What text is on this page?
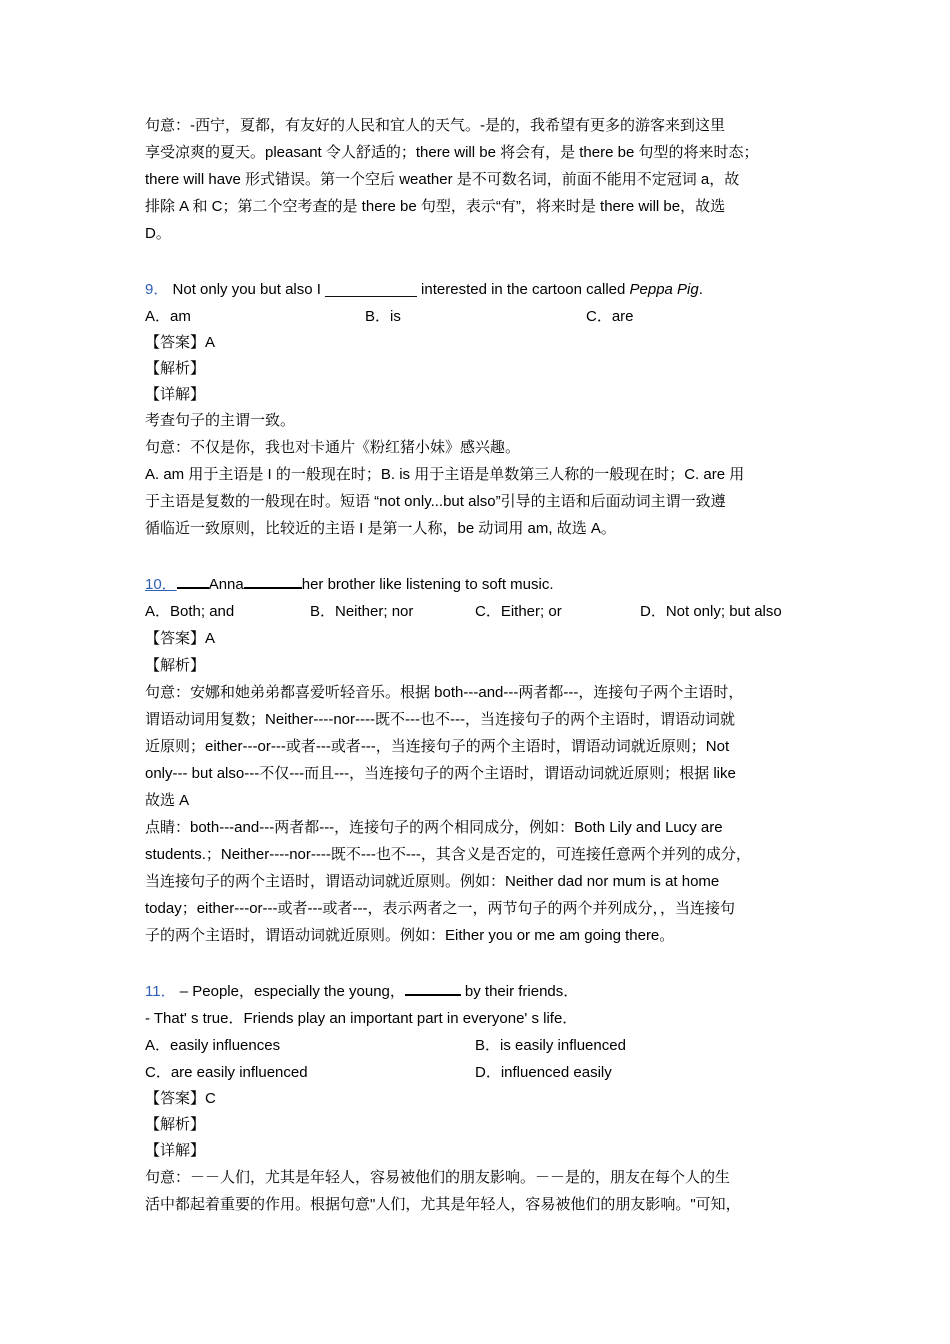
句意：-西宁，夏都，有友好的人民和宜人的天气。-是的，我希望有更多的游客来到这里
享受凉爽的夏天。pleasant 令人舒适的；there will be 将会有，是 there be 句型的将来时态；
there will have 形式错误。第一个空后 weather 是不可数名词，前面不能用不定冠词 a，故
排除 A 和 C；第二个空考查的是 there be 句型，表示“有”，将来时是 there will be，故选
D。
9． Not only you but also I ___________ interested in the cartoon called Peppa Pig.
A．am	B．is	C．are
【答案】A
【解析】
【详解】
考查句子的主谓一致。
句意：不仅是你，我也对卡通片《粉红猪小妹》感兴趣。
A. am 用于主语是 I 的一般现在时；B. is 用于主语是单数第三人称的一般现在时；C. are 用
于主语是复数的一般现在时。短语 “not only...but also”引导的主语和后面动词主谓一致遵
循临近一致原则，比较近的主语 I 是第一人称，be 动词用 am, 故选 A。
10． Anna	her brother like listening to soft music.
A．Both; and	B．Neither; nor	C．Either; or	D．Not only; but also
【答案】A
【解析】
句意：安娜和她弟弟都喜爱听轻音乐。根据 both---and---两者都---，连接句子两个主语时，
谓语动词用复数；Neither----nor----既不---也不---，当连接句子的两个主语时，谓语动词就
近原则；either---or---或者---或者---，当连接句子的两个主语时，谓语动词就近原则；Not
only--- but also---不仅---而且---，当连接句子的两个主语时，谓语动词就近原则；根据 like
故选 A
点睛：both---and---两者都---，连接句子的两个相同成分，例如：Both Lily and Lucy are
students.；Neither----nor----既不---也不---，其含义是否定的，可连接任意两个并列的成分，
当连接句子的两个主语时，谓语动词就近原则。例如：Neither dad nor mum is at home
today；either---or---或者---或者---，表示两者之一，两节句子的两个并列成分，，当连接句
子的两个主语时，谓语动词就近原则。例如：Either you or me am going there。
11． – People，especially the young，	by their friends．
- That' s true．Friends play an important part in everyone' s life．
A．easily influences	B．is easily influenced
C．are easily influenced	D．influenced easily
【答案】C
【解析】
【详解】
句意：－－人们，尤其是年轻人，容易被他们的朋友影响。－－是的，朋友在每个人的生
活中都起着重要的作用。根据句意"人们，尤其是年轻人，容易被他们的朋友影响。"可知，
